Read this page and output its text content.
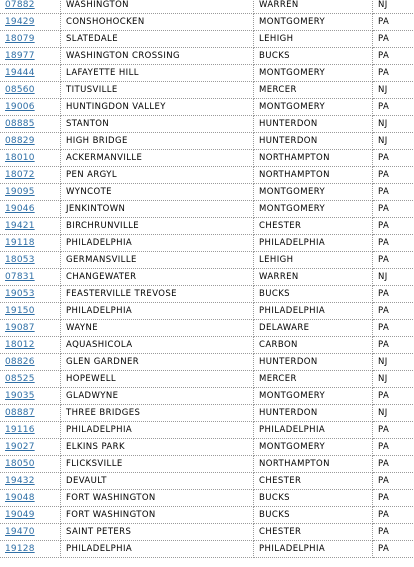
07882	WASHINGTON	WARREN	NJ
19429	CONSHOHOCKEN	MONTGOMERY	PA
18079	SLATEDALE	LEHIGH	PA
18977	WASHINGTON CROSSING	BUCKS	PA
19444	LAFAYETTE HILL	MONTGOMERY	PA
08560	TITUSVILLE	MERCER	NJ
19006	HUNTINGDON VALLEY	MONTGOMERY	PA
08885	STANTON	HUNTERDON	NJ
08829	HIGH BRIDGE	HUNTERDON	NJ
18010	ACKERMANVILLE	NORTHAMPTON	PA
18072	PEN ARGYL	NORTHAMPTON	PA
19095	WYNCOTE	MONTGOMERY	PA
19046	JENKINTOWN	MONTGOMERY	PA
19421	BIRCHRUNVILLE	CHESTER	PA
19118	PHILADELPHIA	PHILADELPHIA	PA
18053	GERMANSVILLE	LEHIGH	PA
07831	CHANGEWATER	WARREN	NJ
19053	FEASTERVILLE TREVOSE	BUCKS	PA
19150	PHILADELPHIA	PHILADELPHIA	PA
19087	WAYNE	DELAWARE	PA
18012	AQUASHICOLA	CARBON	PA
08826	GLEN GARDNER	HUNTERDON	NJ
08525	HOPEWELL	MERCER	NJ
19035	GLADWYNE	MONTGOMERY	PA
08887	THREE BRIDGES	HUNTERDON	NJ
19116	PHILADELPHIA	PHILADELPHIA	PA
19027	ELKINS PARK	MONTGOMERY	PA
18050	FLICKSVILLE	NORTHAMPTON	PA
19432	DEVAULT	CHESTER	PA
19048	FORT WASHINGTON	BUCKS	PA
19049	FORT WASHINGTON	BUCKS	PA
19470	SAINT PETERS	CHESTER	PA
19128	PHILADELPHIA	PHILADELPHIA	PA
